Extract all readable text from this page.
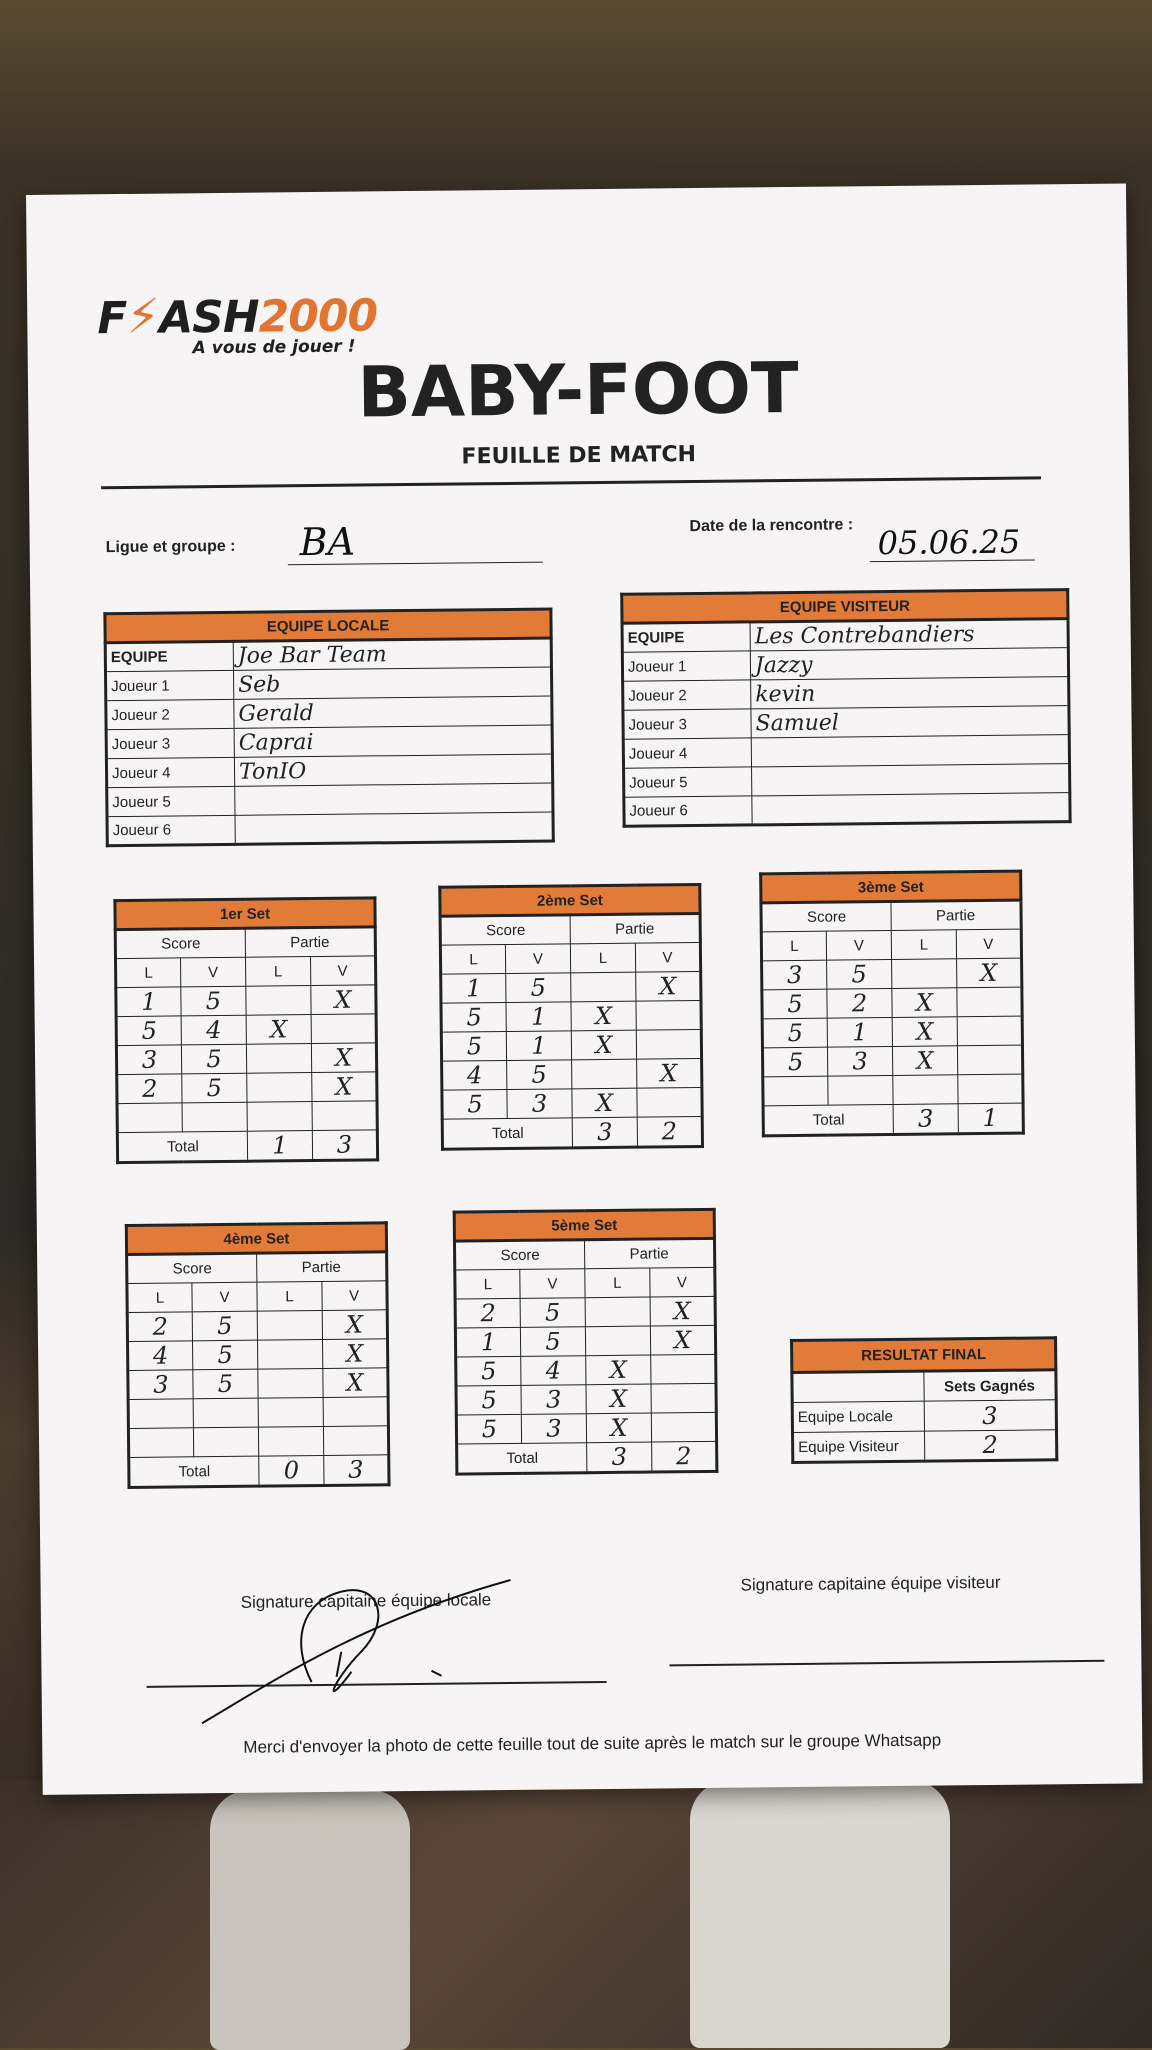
F⚡ASH2000
A vous de jouer ! BABY-FOOT
FEUILLE DE MATCH
Ligue et groupe : BA	Date de la rencontre : 05.06.25
EQUIPE LOCALE	
EQUIPE	Joe Bar Team
Joueur 1	Seb
Joueur 2	Gerald
Joueur 3	Caprai
Joueur 4	TonIO
Joueur 5	
Joueur 6	
EQUIPE VISITEUR	
EQUIPE	Les Contrebandiers
Joueur 1	Jazzy
Joueur 2	kevin
Joueur 3	Samuel
Joueur 4	
Joueur 5	
Joueur 6	
1er Set			
Score		Partie	
L	V	L	V
1	5		X
5	4	X	
3	5		X
2	5		X

Total		1	3
2ème Set			
Score		Partie	
L	V	L	V
1	5		X
5	1	X	
5	1	X	
4	5		X
5	3	X	
Total		3	2
3ème Set			
Score		Partie	
L	V	L	V
3	5		X
5	2	X	
5	1	X	
5	3	X	

Total		3	1
4ème Set			
Score		Partie	
L	V	L	V
2	5		X
4	5		X
3	5		X

Total		0	3
5ème Set			
Score		Partie	
L	V	L	V
2	5		X
1	5		X
5	4	X	
5	3	X	
5	3	X	
Total		3	2
RESULTAT FINAL	
	Sets Gagnés
Equipe Locale	3
Equipe Visiteur	2
Signature capitaine équipe locale
Signature capitaine équipe visiteur
Merci d'envoyer la photo de cette feuille tout de suite après le match sur le groupe Whatsapp
